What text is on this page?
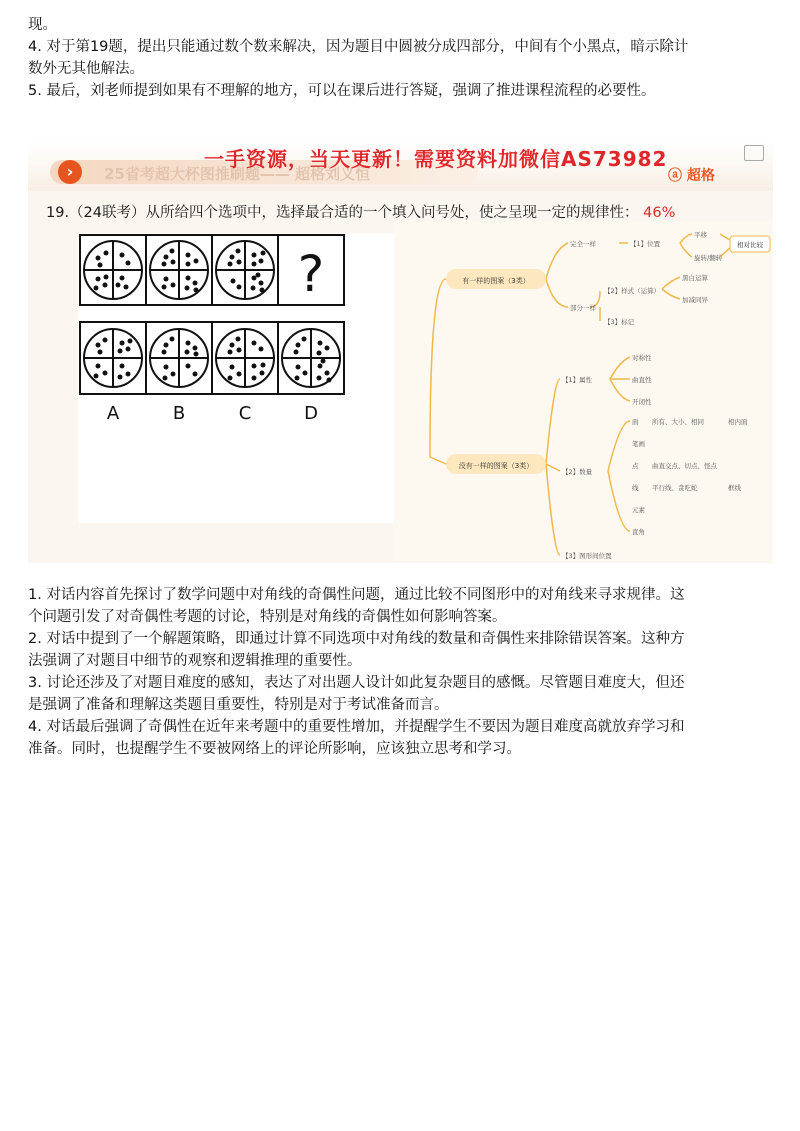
现。
4. 对于第19题，提出只能通过数个数来解决，因为题目中圆被分成四部分，中间有个小黑点，暗示除计
数外无其他解法。
5. 最后，刘老师提到如果有不理解的地方，可以在课后进行答疑，强调了推进课程流程的必要性。
›	25省考超大杯图推刷题—— 超格刘义恒
一手资源，当天更新！需要资料加微信AS73982
ⓐ 超格
19.（24联考）从所给四个选项中，选择最合适的一个填入问号处，使之呈现一定的规律性： 46%
?
A	B	C	D
有一样的图案（3类）
没有一样的图案（3类）
完全一样	【1】位置
平移
旋转/翻转
相对比较
部分一样
【2】样式（运算）
黑白运算
加减同异
【3】标记
【1】属性
对称性
曲直性
开闭性
【2】数量
面 所有、大小、相同	相内面
笔画
点 曲直交点、切点、怪点
线 平行线、贪吃蛇	框线
元素
直角
【3】图形间位置
1. 对话内容首先探讨了数学问题中对角线的奇偶性问题，通过比较不同图形中的对角线来寻求规律。这
个问题引发了对奇偶性考题的讨论，特别是对角线的奇偶性如何影响答案。
2. 对话中提到了一个解题策略，即通过计算不同选项中对角线的数量和奇偶性来排除错误答案。这种方
法强调了对题目中细节的观察和逻辑推理的重要性。
3. 讨论还涉及了对题目难度的感知，表达了对出题人设计如此复杂题目的感慨。尽管题目难度大，但还
是强调了准备和理解这类题目重要性，特别是对于考试准备而言。
4. 对话最后强调了奇偶性在近年来考题中的重要性增加，并提醒学生不要因为题目难度高就放弃学习和
准备。同时，也提醒学生不要被网络上的评论所影响，应该独立思考和学习。
